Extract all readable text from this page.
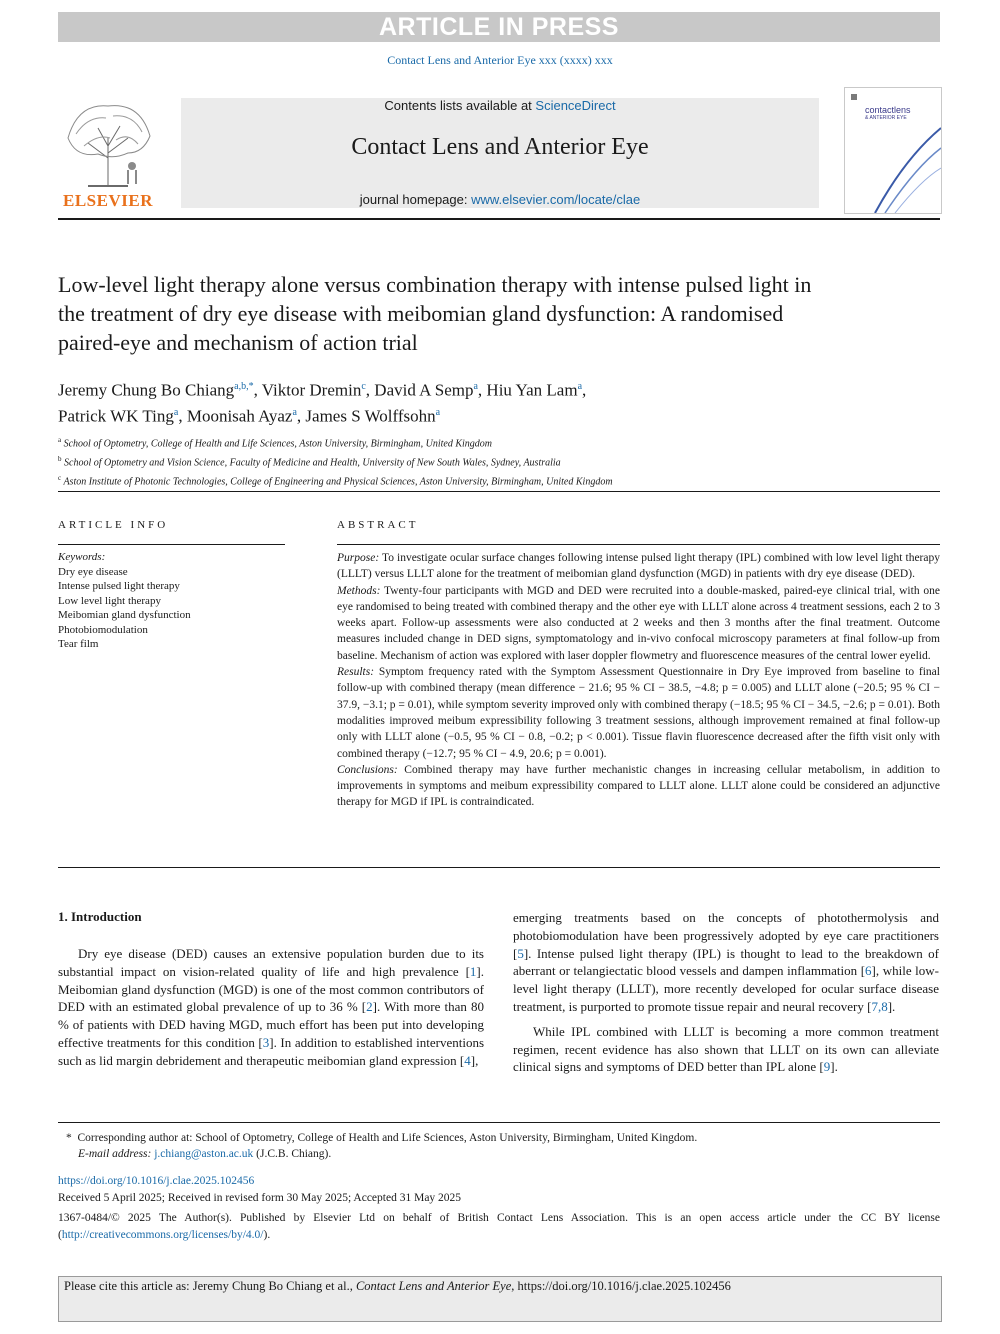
ARTICLE IN PRESS
Contact Lens and Anterior Eye xxx (xxxx) xxx
ELSEVIER
Contents lists available at ScienceDirect
Contact Lens and Anterior Eye
journal homepage: www.elsevier.com/locate/clae
contactlens
& ANTERIOR EYE
Low-level light therapy alone versus combination therapy with intense pulsed light in the treatment of dry eye disease with meibomian gland dysfunction: A randomised paired-eye and mechanism of action trial
Jeremy Chung Bo Chiang$^{a,b,*}$, Viktor Dremin$^c$, David A Semp$^a$, Hiu Yan Lam$^a$,
Patrick WK Ting$^a$, Moonisah Ayaz$^a$, James S Wolffsohn$^a$
$^a$ School of Optometry, College of Health and Life Sciences, Aston University, Birmingham, United Kingdom
$^b$ School of Optometry and Vision Science, Faculty of Medicine and Health, University of New South Wales, Sydney, Australia
$^c$ Aston Institute of Photonic Technologies, College of Engineering and Physical Sciences, Aston University, Birmingham, United Kingdom
ARTICLE INFO
Keywords:
Dry eye disease
Intense pulsed light therapy
Low level light therapy
Meibomian gland dysfunction
Photobiomodulation
Tear film
ABSTRACT

Purpose: To investigate ocular surface changes following intense pulsed light therapy (IPL) combined with low level light therapy (LLLT) versus LLLT alone for the treatment of meibomian gland dysfunction (MGD) in patients with dry eye disease (DED).

Methods: Twenty-four participants with MGD and DED were recruited into a double-masked, paired-eye clinical trial, with one eye randomised to being treated with combined therapy and the other eye with LLLT alone across 4 treatment sessions, each 2 to 3 weeks apart. Follow-up assessments were also conducted at 2 weeks and then 3 months after the final treatment. Outcome measures included change in DED signs, symptomatology and in-vivo confocal microscopy parameters at final follow-up from baseline. Mechanism of action was explored with laser doppler flowmetry and fluorescence measures of the central lower eyelid.

Results: Symptom frequency rated with the Symptom Assessment Questionnaire in Dry Eye improved from baseline to final follow-up with combined therapy (mean difference − 21.6; 95 % CI − 38.5, −4.8; p = 0.005) and LLLT alone (−20.5; 95 % CI − 37.9, −3.1; p = 0.01), while symptom severity improved only with combined therapy (−18.5; 95 % CI − 34.5, −2.6; p = 0.01). Both modalities improved meibum expressibility following 3 treatment sessions, although improvement remained at final follow-up only with LLLT alone (−0.5, 95 % CI − 0.8, −0.2; p < 0.001). Tissue flavin fluorescence decreased after the fifth visit only with combined therapy (−12.7; 95 % CI − 4.9, 20.6; p = 0.001).

Conclusions: Combined therapy may have further mechanistic changes in increasing cellular metabolism, in addition to improvements in symptoms and meibum expressibility compared to LLLT alone. LLLT alone could be considered an adjunctive therapy for MGD if IPL is contraindicated.

1. Introduction

Dry eye disease (DED) causes an extensive population burden due to its substantial impact on vision-related quality of life and high prevalence [1]. Meibomian gland dysfunction (MGD) is one of the most common contributors of DED with an estimated global prevalence of up to 36 % [2]. With more than 80 % of patients with DED having MGD, much effort has been put into developing effective treatments for this condition [3]. In addition to established interventions such as lid margin debridement and therapeutic meibomian gland expression [4],

emerging treatments based on the concepts of photothermolysis and photobiomodulation have been progressively adopted by eye care practitioners [5]. Intense pulsed light therapy (IPL) is thought to lead to the breakdown of aberrant or telangiectatic blood vessels and dampen inflammation [6], while low-level light therapy (LLLT), more recently developed for ocular surface disease treatment, is purported to promote tissue repair and neural recovery [7,8].

While IPL combined with LLLT is becoming a more common treatment regimen, recent evidence has also shown that LLLT on its own can alleviate clinical signs and symptoms of DED better than IPL alone [9].

* Corresponding author at: School of Optometry, College of Health and Life Sciences, Aston University, Birmingham, United Kingdom.
E-mail address: j.chiang@aston.ac.uk (J.C.B. Chiang).
https://doi.org/10.1016/j.clae.2025.102456
Received 5 April 2025; Received in revised form 30 May 2025; Accepted 31 May 2025
1367-0484/© 2025 The Author(s). Published by Elsevier Ltd on behalf of British Contact Lens Association. This is an open access article under the CC BY license (http://creativecommons.org/licenses/by/4.0/).
Please cite this article as: Jeremy Chung Bo Chiang et al., Contact Lens and Anterior Eye, https://doi.org/10.1016/j.clae.2025.102456
